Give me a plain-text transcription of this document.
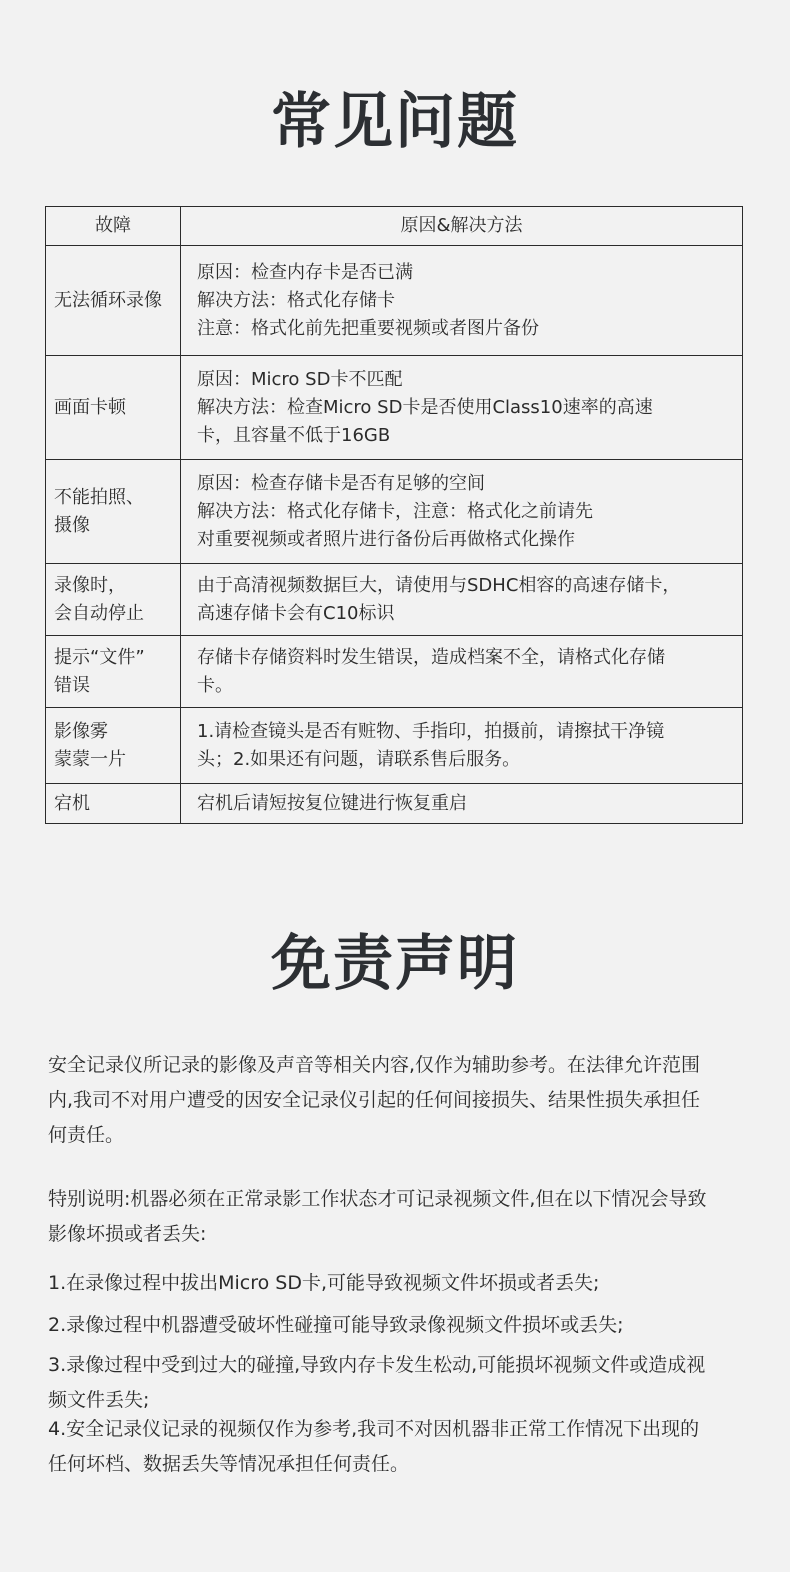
常见问题
故障	原因&解决方法

无法循环录像	原因：检查内存卡是否已满
解决方法：格式化存储卡
注意：格式化前先把重要视频或者图片备份

画面卡顿	原因：Micro SD卡不匹配
解决方法：检查Micro SD卡是否使用Class10速率的高速
卡，且容量不低于16GB

不能拍照、
摄像	原因：检查存储卡是否有足够的空间
解决方法：格式化存储卡，注意：格式化之前请先
对重要视频或者照片进行备份后再做格式化操作

录像时，
会自动停止	由于高清视频数据巨大，请使用与SDHC相容的高速存储卡，
高速存储卡会有C10标识

提示“文件”
错误	存储卡存储资料时发生错误，造成档案不全，请格式化存储
卡。

影像雾
蒙蒙一片	1.请检查镜头是否有赃物、手指印，拍摄前，请擦拭干净镜
头；2.如果还有问题，请联系售后服务。

宕机	宕机后请短按复位键进行恢复重启
免责声明
安全记录仪所记录的影像及声音等相关内容,仅作为辅助参考。在法律允许范围
内,我司不对用户遭受的因安全记录仪引起的任何间接损失、结果性损失承担任
何责任。
特别说明:机器必须在正常录影工作状态才可记录视频文件,但在以下情况会导致
影像坏损或者丢失:
1.在录像过程中拔出Micro SD卡,可能导致视频文件坏损或者丢失;
2.录像过程中机器遭受破坏性碰撞可能导致录像视频文件损坏或丢失;
3.录像过程中受到过大的碰撞,导致内存卡发生松动,可能损坏视频文件或造成视
频文件丢失;
4.安全记录仪记录的视频仅作为参考,我司不对因机器非正常工作情况下出现的
任何坏档、数据丢失等情况承担任何责任。
